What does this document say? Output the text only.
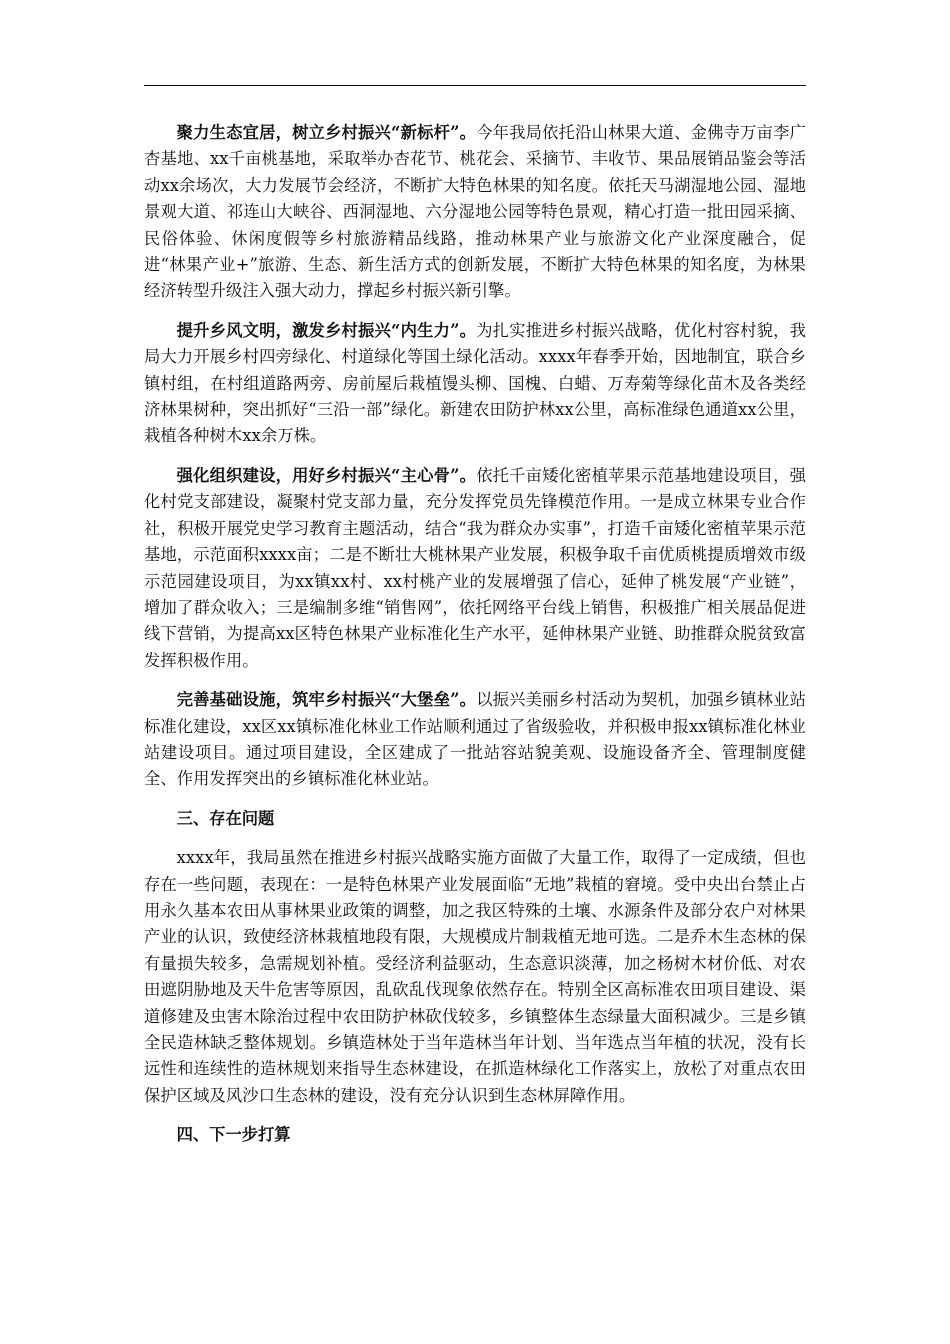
聚力生态宜居，树立乡村振兴“新标杆”。今年我局依托沿山林果大道、金佛寺万亩李广杏基地、xx千亩桃基地，采取举办杏花节、桃花会、采摘节、丰收节、果品展销品鉴会等活动xx余场次，大力发展节会经济，不断扩大特色林果的知名度。依托天马湖湿地公园、湿地景观大道、祁连山大峡谷、西洞湿地、六分湿地公园等特色景观，精心打造一批田园采摘、民俗体验、休闲度假等乡村旅游精品线路，推动林果产业与旅游文化产业深度融合，促进“林果产业+”旅游、生态、新生活方式的创新发展，不断扩大特色林果的知名度，为林果经济转型升级注入强大动力，撑起乡村振兴新引擎。

提升乡风文明，激发乡村振兴“内生力”。为扎实推进乡村振兴战略，优化村容村貌，我局大力开展乡村四旁绿化、村道绿化等国土绿化活动。xxxx年春季开始，因地制宜，联合乡镇村组，在村组道路两旁、房前屋后栽植馒头柳、国槐、白蜡、万寿菊等绿化苗木及各类经济林果树种，突出抓好“三沿一部”绿化。新建农田防护林xx公里，高标准绿色通道xx公里，栽植各种树木xx余万株。

强化组织建设，用好乡村振兴“主心骨”。依托千亩矮化密植苹果示范基地建设项目，强化村党支部建设，凝聚村党支部力量，充分发挥党员先锋模范作用。一是成立林果专业合作社，积极开展党史学习教育主题活动，结合“我为群众办实事”，打造千亩矮化密植苹果示范基地，示范面积xxxx亩；二是不断壮大桃林果产业发展，积极争取千亩优质桃提质增效市级示范园建设项目，为xx镇xx村、xx村桃产业的发展增强了信心，延伸了桃发展“产业链”，增加了群众收入；三是编制多维“销售网”，依托网络平台线上销售，积极推广相关展品促进线下营销，为提高xx区特色林果产业标准化生产水平，延伸林果产业链、助推群众脱贫致富发挥积极作用。

完善基础设施，筑牢乡村振兴“大堡垒”。以振兴美丽乡村活动为契机，加强乡镇林业站标准化建设，xx区xx镇标准化林业工作站顺利通过了省级验收，并积极申报xx镇标准化林业站建设项目。通过项目建设，全区建成了一批站容站貌美观、设施设备齐全、管理制度健全、作用发挥突出的乡镇标准化林业站。

三、存在问题

xxxx年，我局虽然在推进乡村振兴战略实施方面做了大量工作，取得了一定成绩，但也存在一些问题，表现在：一是特色林果产业发展面临“无地”栽植的窘境。受中央出台禁止占用永久基本农田从事林果业政策的调整，加之我区特殊的土壤、水源条件及部分农户对林果产业的认识，致使经济林栽植地段有限，大规模成片制栽植无地可选。二是乔木生态林的保有量损失较多，急需规划补植。受经济利益驱动，生态意识淡薄，加之杨树木材价低、对农田遮阴胁地及天牛危害等原因，乱砍乱伐现象依然存在。特别全区高标准农田项目建设、渠道修建及虫害木除治过程中农田防护林砍伐较多，乡镇整体生态绿量大面积减少。三是乡镇全民造林缺乏整体规划。乡镇造林处于当年造林当年计划、当年选点当年植的状况，没有长远性和连续性的造林规划来指导生态林建设，在抓造林绿化工作落实上，放松了对重点农田保护区域及风沙口生态林的建设，没有充分认识到生态林屏障作用。

四、下一步打算
